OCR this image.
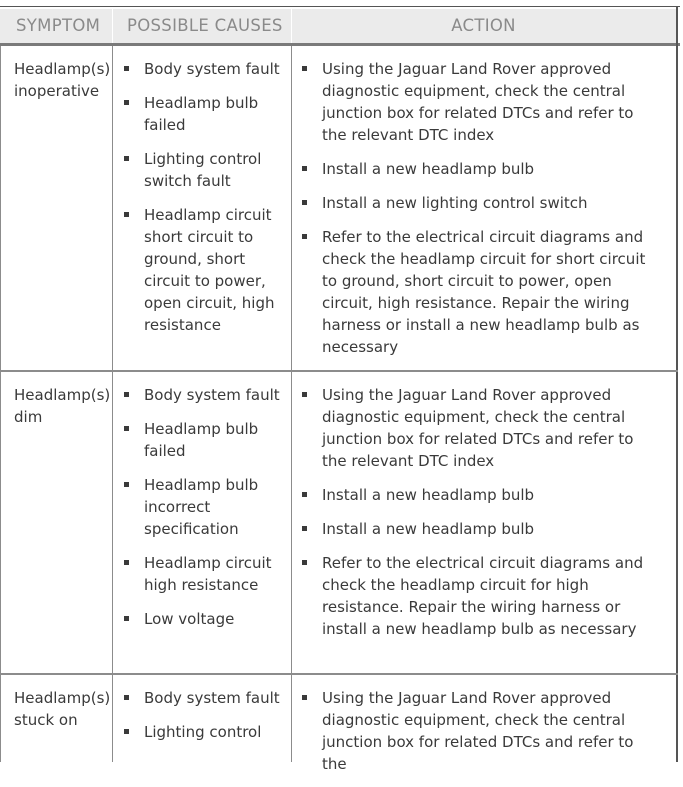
SYMPTOM	POSSIBLE CAUSES	ACTION
Headlamp(s) inoperative
Body system fault
Headlamp bulb failed
Lighting control switch fault
Headlamp circuit short circuit to ground, short circuit to power, open circuit, high resistance
Using the Jaguar Land Rover approved diagnostic equipment, check the central junction box for related DTCs and refer to the relevant DTC index
Install a new headlamp bulb
Install a new lighting control switch
Refer to the electrical circuit diagrams and check the headlamp circuit for short circuit to ground, short circuit to power, open circuit, high resistance. Repair the wiring harness or install a new headlamp bulb as necessary
Headlamp(s) dim
Body system fault
Headlamp bulb failed
Headlamp bulb incorrect specification
Headlamp circuit high resistance
Low voltage
Using the Jaguar Land Rover approved diagnostic equipment, check the central junction box for related DTCs and refer to the relevant DTC index
Install a new headlamp bulb
Install a new headlamp bulb
Refer to the electrical circuit diagrams and check the headlamp circuit for high resistance. Repair the wiring harness or install a new headlamp bulb as necessary
Headlamp(s) stuck on
Body system fault
Lighting control
Using the Jaguar Land Rover approved diagnostic equipment, check the central junction box for related DTCs and refer to the
